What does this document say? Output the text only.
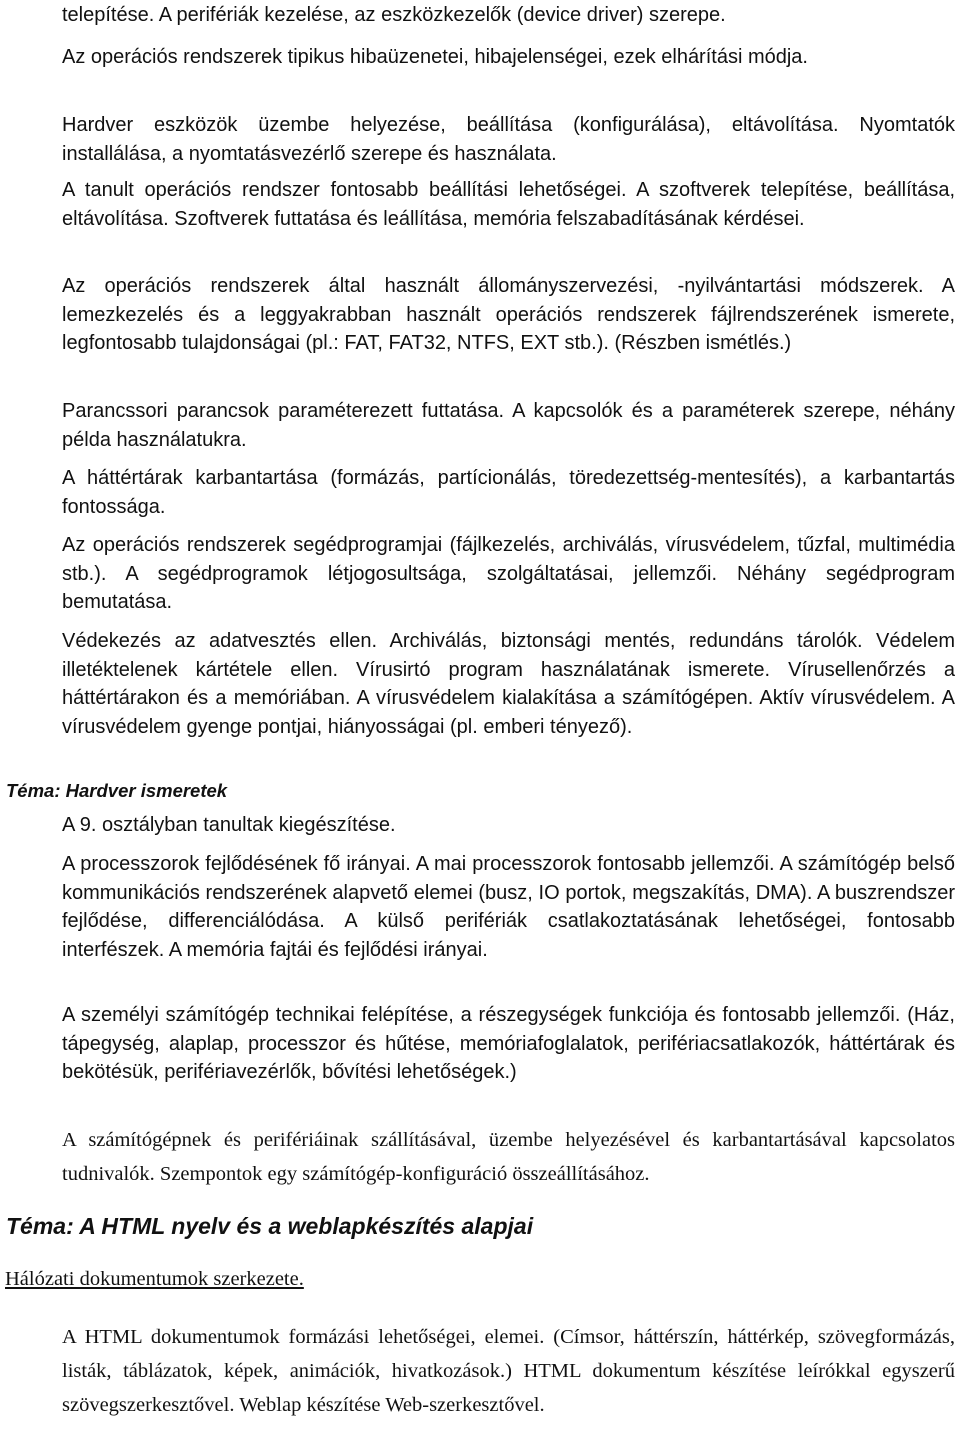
telepítése. A perifériák kezelése, az eszközkezelők (device driver) szerepe.

Az operációs rendszerek tipikus hibaüzenetei, hibajelenségei, ezek elhárítási módja.

Hardver eszközök üzembe helyezése, beállítása (konfigurálása), eltávolítása. Nyomtatók installálása, a nyomtatásvezérlő szerepe és használata.

A tanult operációs rendszer fontosabb beállítási lehetőségei. A szoftverek telepítése, beállítása, eltávolítása. Szoftverek futtatása és leállítása, memória felszabadításának kérdései.

Az operációs rendszerek által használt állományszervezési, -nyilvántartási módszerek. A lemezkezelés és a leggyakrabban használt operációs rendszerek fájlrendszerének ismerete, legfontosabb tulajdonságai (pl.: FAT, FAT32, NTFS, EXT stb.). (Részben ismétlés.)

Parancssori parancsok paraméterezett futtatása. A kapcsolók és a paraméterek szerepe, néhány példa használatukra.

A háttértárak karbantartása (formázás, partícionálás, töredezettség-mentesítés), a karbantartás fontossága.

Az operációs rendszerek segédprogramjai (fájlkezelés, archiválás, vírusvédelem, tűzfal, multimédia stb.). A segédprogramok létjogosultsága, szolgáltatásai, jellemzői. Néhány segédprogram bemutatása.

Védekezés az adatvesztés ellen. Archiválás, biztonsági mentés, redundáns tárolók. Védelem illetéktelenek kártétele ellen. Vírusirtó program használatának ismerete. Vírusellenőrzés a háttértárakon és a memóriában. A vírusvédelem kialakítása a számítógépen. Aktív vírusvédelem. A vírusvédelem gyenge pontjai, hiányosságai (pl. emberi tényező).

Téma: Hardver ismeretek

A 9. osztályban tanultak kiegészítése.

A processzorok fejlődésének fő irányai. A mai processzorok fontosabb jellemzői. A számítógép belső kommunikációs rendszerének alapvető elemei (busz, IO portok, megszakítás, DMA). A buszrendszer fejlődése, differenciálódása. A külső perifériák csatlakoztatásának lehetőségei, fontosabb interfészek. A memória fajtái és fejlődési irányai.

A személyi számítógép technikai felépítése, a részegységek funkciója és fontosabb jellemzői. (Ház, tápegység, alaplap, processzor és hűtése, memóriafoglalatok, perifériacsatlakozók, háttértárak és bekötésük, perifériavezérlők, bővítési lehetőségek.)

A számítógépnek és perifériáinak szállításával, üzembe helyezésével és karbantartásával kapcsolatos tudnivalók. Szempontok egy számítógép-konfiguráció összeállításához.

Téma: A HTML nyelv és a weblapkészítés alapjai

Hálózati dokumentumok szerkezete.

A HTML dokumentumok formázási lehetőségei, elemei. (Címsor, háttérszín, háttérkép, szövegformázás, listák, táblázatok, képek, animációk, hivatkozások.) HTML dokumentum készítése leírókkal egyszerű szövegszerkesztővel. Weblap készítése Web-szerkesztővel.
